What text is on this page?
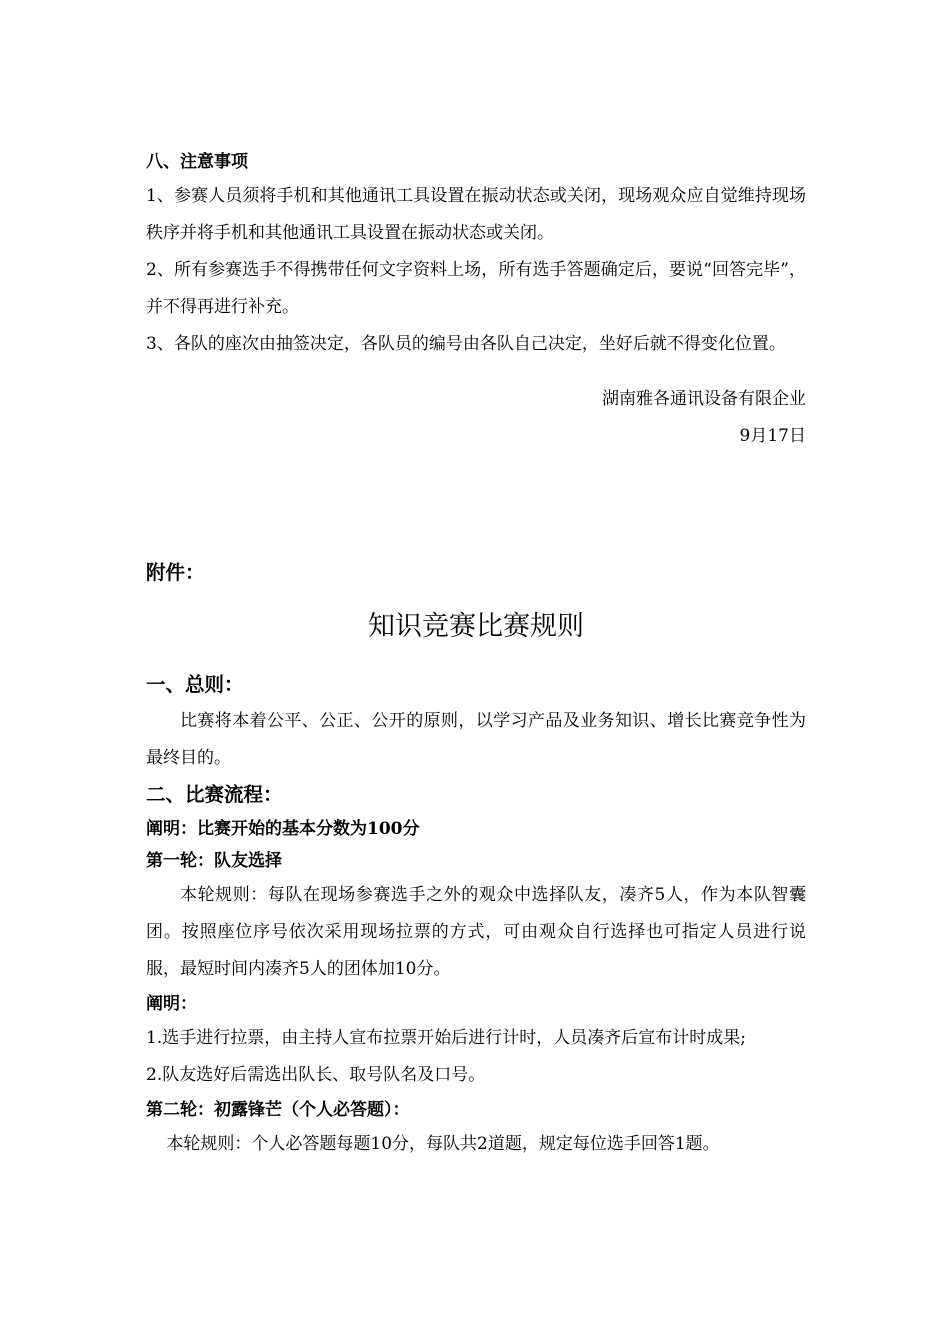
八、注意事项

1、参赛人员须将手机和其他通讯工具设置在振动状态或关闭，现场观众应自觉维持现场秩序并将手机和其他通讯工具设置在振动状态或关闭。

2、所有参赛选手不得携带任何文字资料上场，所有选手答题确定后，要说“回答完毕”，并不得再进行补充。

3、各队的座次由抽签决定，各队员的编号由各队自己决定，坐好后就不得变化位置。

湖南雅各通讯设备有限企业

9月17日

附件：

知识竞赛比赛规则

一、总则：

比赛将本着公平、公正、公开的原则，以学习产品及业务知识、增长比赛竞争性为最终目的。

二、比赛流程：

阐明：比赛开始的基本分数为100分

第一轮：队友选择

本轮规则：每队在现场参赛选手之外的观众中选择队友，凑齐5人，作为本队智囊团。按照座位序号依次采用现场拉票的方式，可由观众自行选择也可指定人员进行说服，最短时间内凑齐5人的团体加10分。

阐明：

1.选手进行拉票，由主持人宣布拉票开始后进行计时，人员凑齐后宣布计时成果;

2.队友选好后需选出队长、取号队名及口号。

第二轮：初露锋芒（个人必答题）：

本轮规则：个人必答题每题10分，每队共2道题，规定每位选手回答1题。
